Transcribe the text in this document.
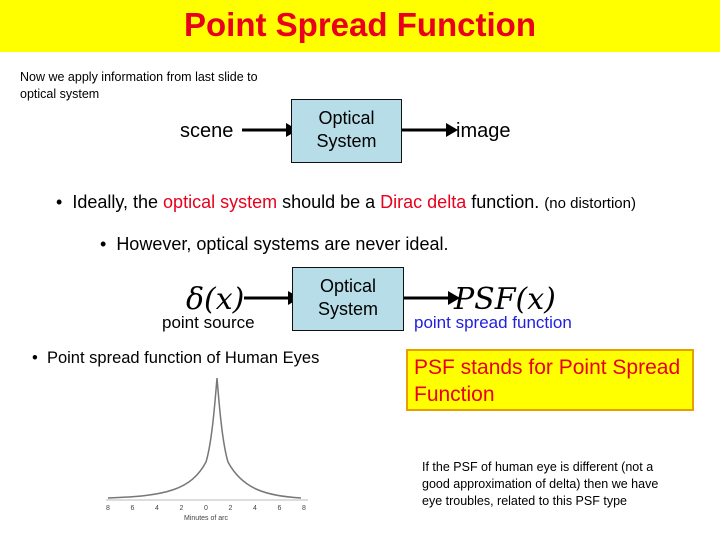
Point Spread Function
Now we apply information from last slide to optical system
scene
Optical
System	image
•  Ideally, the optical system should be a Dirac delta function. (no distortion)
•  However, optical systems are never ideal.
δ(x)
point source
Optical
System	PSF(x)
point spread function
•  Point spread function of Human Eyes	PSF stands for Point Spread Function
8	6	4	2	0	2	4	6	8
Minutes of arc
If the PSF of human eye is different (not a good approximation of delta) then we have eye troubles, related to this PSF type
